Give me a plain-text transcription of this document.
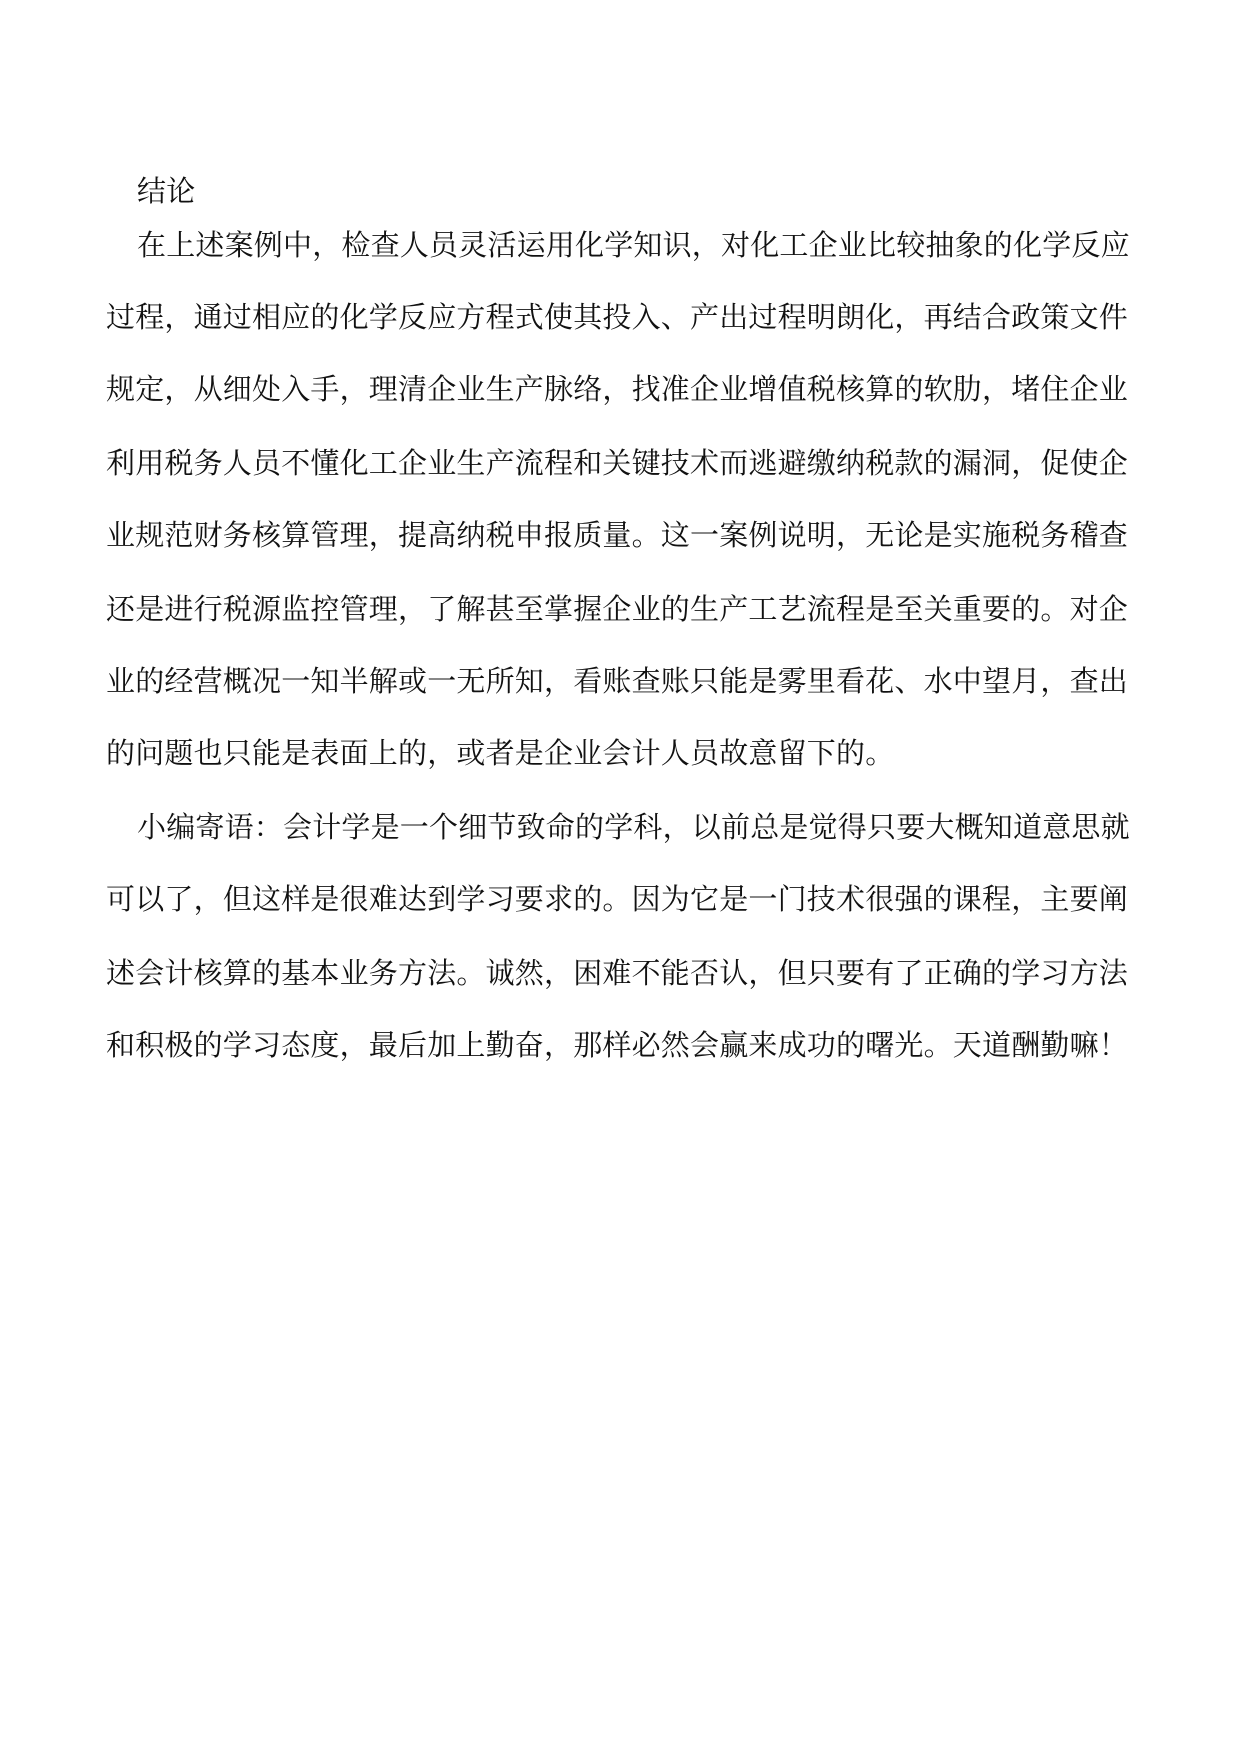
结论
在上述案例中，检查人员灵活运用化学知识，对化工企业比较抽象的化学反应
过程，通过相应的化学反应方程式使其投入、产出过程明朗化，再结合政策文件
规定，从细处入手，理清企业生产脉络，找准企业增值税核算的软肋，堵住企业
利用税务人员不懂化工企业生产流程和关键技术而逃避缴纳税款的漏洞，促使企
业规范财务核算管理，提高纳税申报质量。这一案例说明，无论是实施税务稽查
还是进行税源监控管理，了解甚至掌握企业的生产工艺流程是至关重要的。对企
业的经营概况一知半解或一无所知，看账查账只能是雾里看花、水中望月，查出
的问题也只能是表面上的，或者是企业会计人员故意留下的。
小编寄语：会计学是一个细节致命的学科，以前总是觉得只要大概知道意思就
可以了，但这样是很难达到学习要求的。因为它是一门技术很强的课程，主要阐
述会计核算的基本业务方法。诚然，困难不能否认，但只要有了正确的学习方法
和积极的学习态度，最后加上勤奋，那样必然会赢来成功的曙光。天道酬勤嘛！
